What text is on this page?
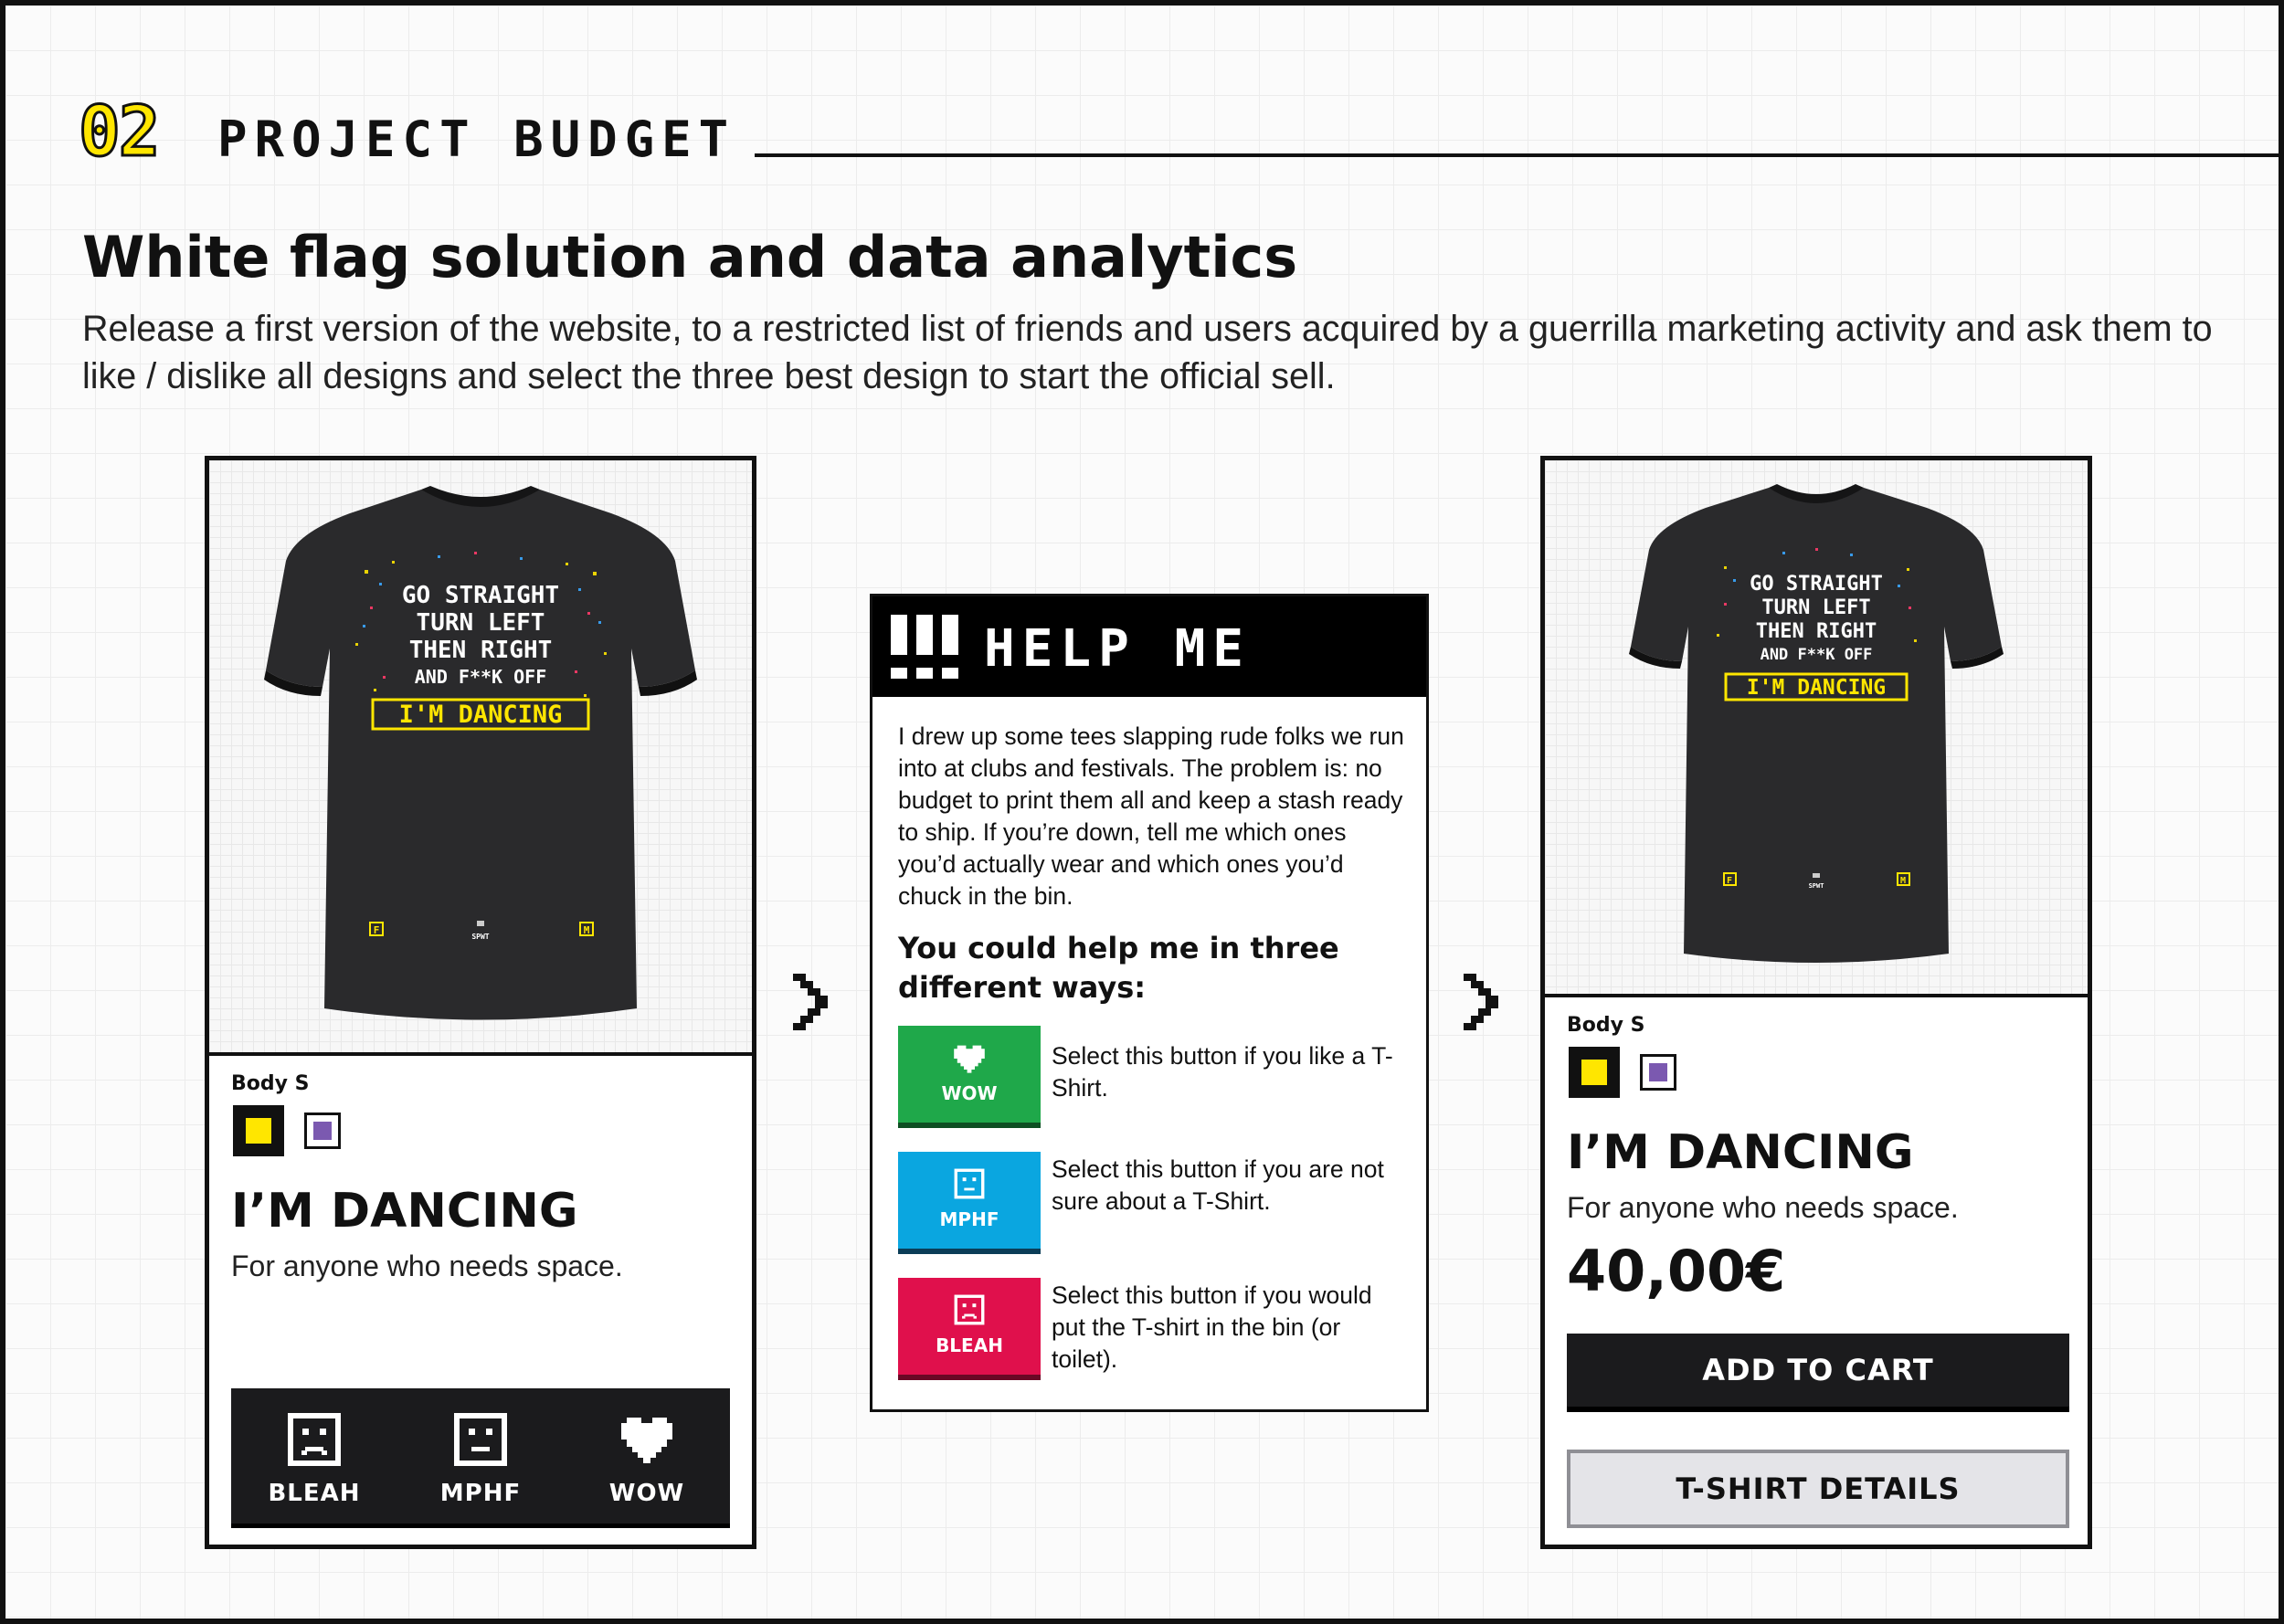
02 PROJECT BUDGET
White flag solution and data analytics

Release a first version of the website, to a restricted list of friends and users acquired by a guerrilla marketing activity and ask them to like / dislike all designs and select the three best design to start the official sell.

GO STRAIGHT
TURN LEFT
THEN RIGHT
AND F**K OFF
I'M DANCING
F	M
SPWT
Body S
I’M DANCING
For anyone who needs space.
BLEAH	MPHF	WOW
HELP ME

I drew up some tees slapping rude folks we run into at clubs and festivals. The problem is: no budget to print them all and keep a stash ready to ship. If you’re down, tell me which ones you’d actually wear and which ones you’d chuck in the bin.

You could help me in three different ways:

WOW

Select this button if you like a T-Shirt.

MPHF

Select this button if you are not sure about a T-Shirt.

BLEAH

Select this button if you would put the T-shirt in the bin (or toilet).

GO STRAIGHT
TURN LEFT
THEN RIGHT
AND F**K OFF
I'M DANCING
F	M
SPWT
Body S
I’M DANCING
For anyone who needs space.
40,00€
ADD TO CART
T-SHIRT DETAILS
